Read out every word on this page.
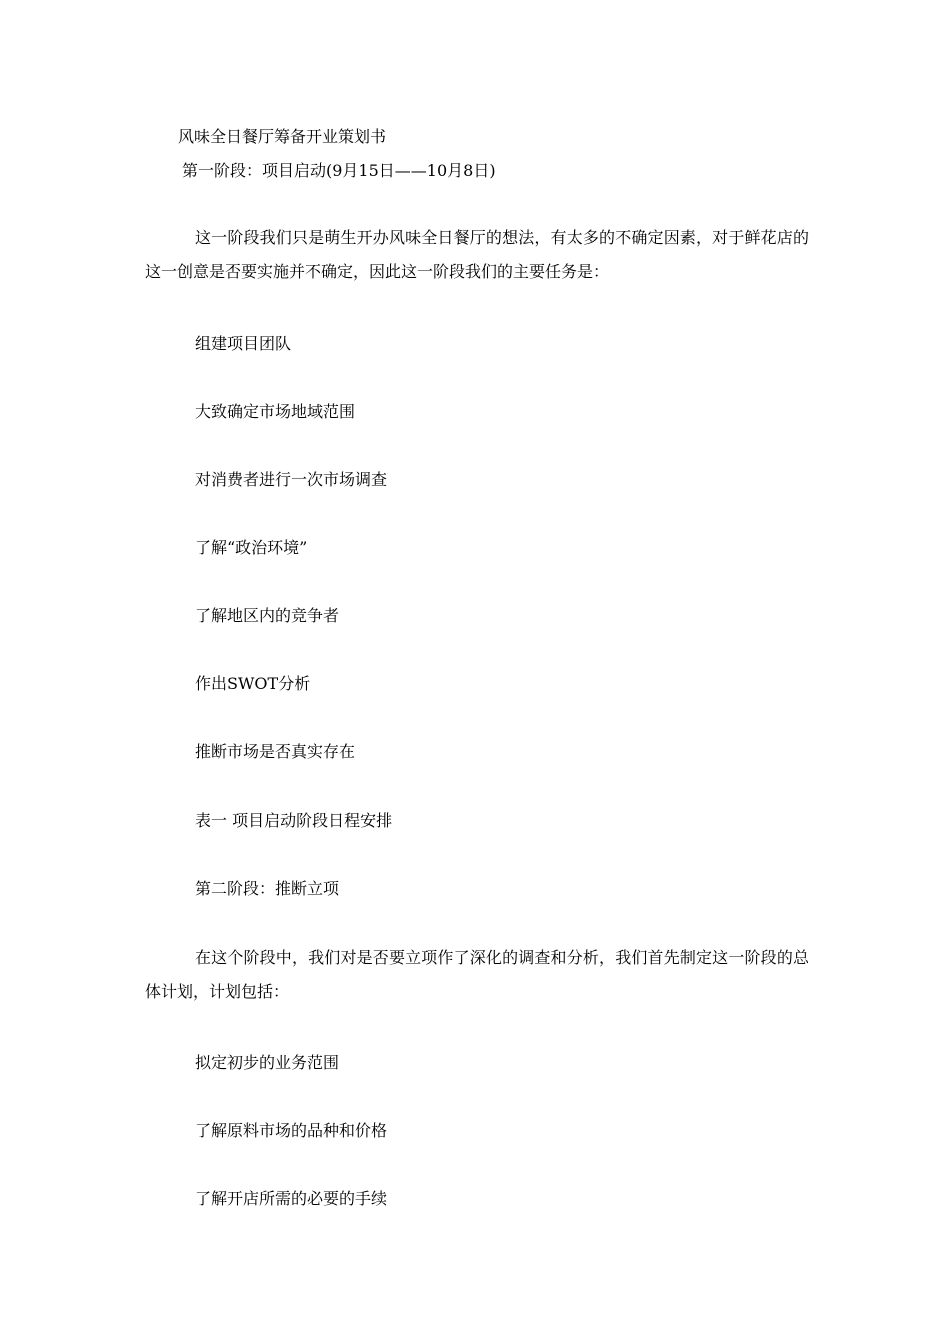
风味全日餐厅筹备开业策划书
第一阶段：项目启动(9月15日——10月8日)
这一阶段我们只是萌生开办风味全日餐厅的想法，有太多的不确定因素，对于鲜花店的这一创意是否要实施并不确定，因此这一阶段我们的主要任务是：
组建项目团队
大致确定市场地域范围
对消费者进行一次市场调查
了解“政治环境”
了解地区内的竞争者
作出SWOT分析
推断市场是否真实存在
表一 项目启动阶段日程安排
第二阶段：推断立项
在这个阶段中，我们对是否要立项作了深化的调查和分析，我们首先制定这一阶段的总体计划，计划包括：
拟定初步的业务范围
了解原料市场的品种和价格
了解开店所需的必要的手续
